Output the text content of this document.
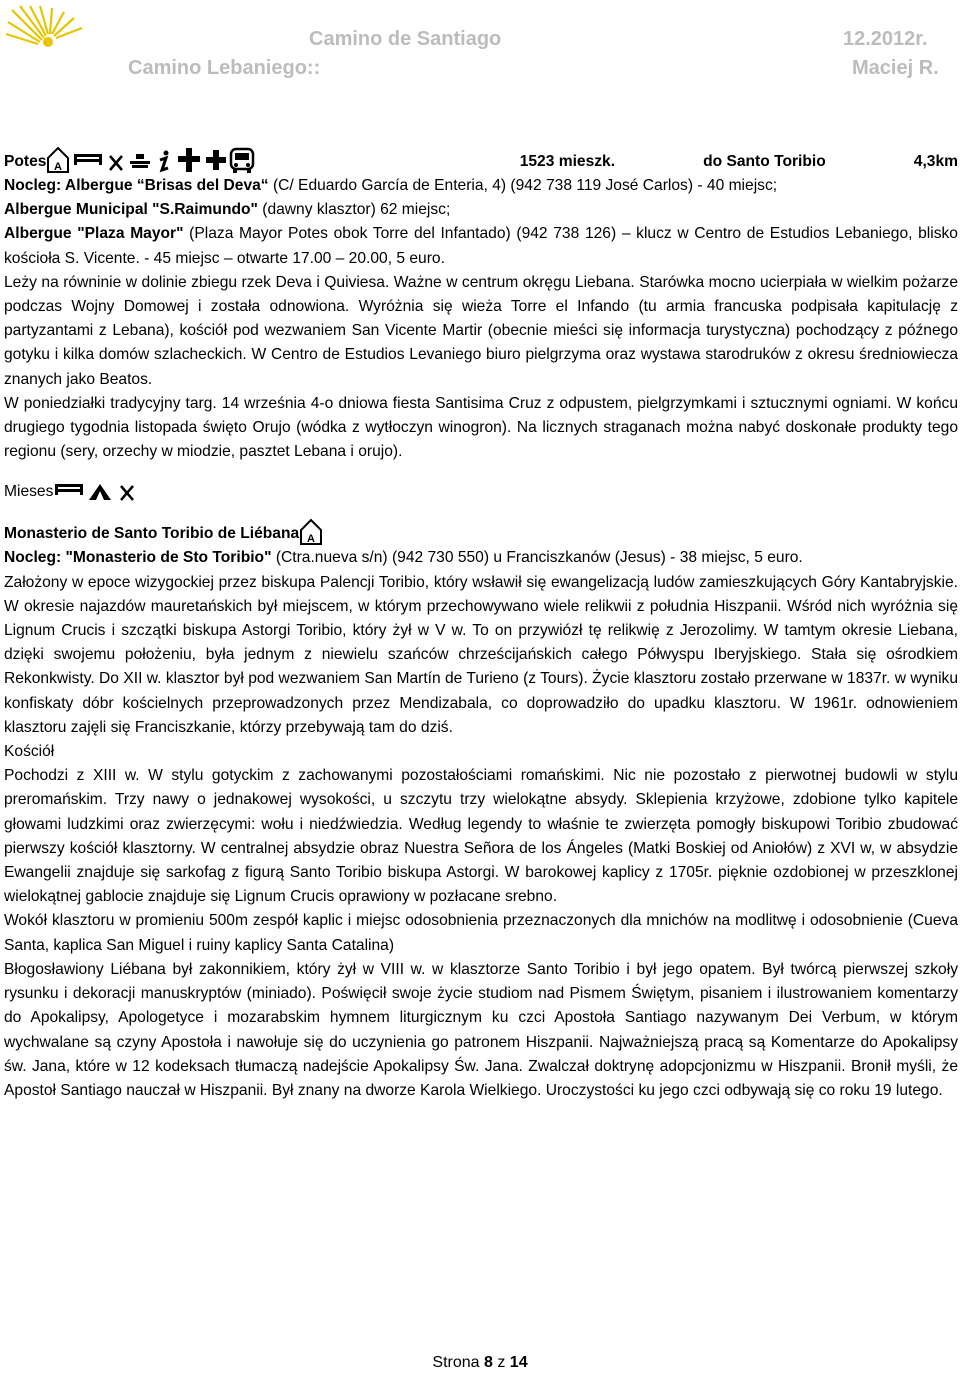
Camino de Santiago	12.2012r.
Camino Lebaniego::	Maciej R.
Potes A	1523 mieszk.	do Santo Toribio	4,3km

Nocleg: Albergue “Brisas del Deva“ (C/ Eduardo García de Enteria, 4) (942 738 119 José Carlos) - 40 miejsc;

Albergue Municipal "S.Raimundo" (dawny klasztor) 62 miejsc;

Albergue "Plaza Mayor" (Plaza Mayor Potes obok Torre del Infantado) (942 738 126) – klucz w Centro de Estudios Lebaniego, blisko kościoła S. Vicente. - 45 miejsc – otwarte 17.00 – 20.00, 5 euro.

Leży na równinie w dolinie zbiegu rzek Deva i Quiviesa. Ważne w centrum okręgu Liebana. Starówka mocno ucierpiała w wielkim pożarze podczas Wojny Domowej i została odnowiona. Wyróżnia się wieża Torre el Infando (tu armia francuska podpisała kapitulację z partyzantami z Lebana), kościół pod wezwaniem San Vicente Martir (obecnie mieści się informacja turystyczna) pochodzący z późnego gotyku i kilka domów szlacheckich. W Centro de Estudios Levaniego biuro pielgrzyma oraz wystawa starodruków z okresu średniowiecza znanych jako Beatos.

W poniedziałki tradycyjny targ. 14 września 4-o dniowa fiesta Santisima Cruz z odpustem, pielgrzymkami i sztucznymi ogniami. W końcu drugiego tygodnia listopada święto Orujo (wódka z wytłoczyn winogron). Na licznych straganach można nabyć doskonałe produkty tego regionu (sery, orzechy w miodzie, pasztet Lebana i orujo).

Mieses
Monasterio de Santo Toribio de Liébana A

Nocleg: "Monasterio de Sto Toribio" (Ctra.nueva s/n) (942 730 550) u Franciszkanów (Jesus) - 38 miejsc, 5 euro.

Założony w epoce wizygockiej przez biskupa Palencji Toribio, który wsławił się ewangelizacją ludów zamieszkujących Góry Kantabryjskie. W okresie najazdów mauretańskich był miejscem, w którym przechowywano wiele relikwii z południa Hiszpanii. Wśród nich wyróżnia się Lignum Crucis i szczątki biskupa Astorgi Toribio, który żył w V w. To on przywiózł tę relikwię z Jerozolimy. W tamtym okresie Liebana, dzięki swojemu położeniu, była jednym z niewielu szańców chrześcijańskich całego Półwyspu Iberyjskiego. Stała się ośrodkiem Rekonkwisty. Do XII w. klasztor był pod wezwaniem San Martín de Turieno (z Tours). Życie klasztoru zostało przerwane w 1837r. w wyniku konfiskaty dóbr kościelnych przeprowadzonych przez Mendizabala, co doprowadziło do upadku klasztoru. W 1961r. odnowieniem klasztoru zajęli się Franciszkanie, którzy przebywają tam do dziś.

Kościół

Pochodzi z XIII w. W stylu gotyckim z zachowanymi pozostałościami romańskimi. Nic nie pozostało z pierwotnej budowli w stylu preromańskim. Trzy nawy o jednakowej wysokości, u szczytu trzy wielokątne absydy. Sklepienia krzyżowe, zdobione tylko kapitele głowami ludzkimi oraz zwierzęcymi: wołu i niedźwiedzia. Według legendy to właśnie te zwierzęta pomogły biskupowi Toribio zbudować pierwszy kościół klasztorny. W centralnej absydzie obraz Nuestra Señora de los Ángeles (Matki Boskiej od Aniołów) z XVI w, w absydzie Ewangelii znajduje się sarkofag z figurą Santo Toribio biskupa Astorgi. W barokowej kaplicy z 1705r. pięknie ozdobionej w przeszklonej wielokątnej gablocie znajduje się Lignum Crucis oprawiony w pozłacane srebno.

Wokół klasztoru w promieniu 500m zespół kaplic i miejsc odosobnienia przeznaczonych dla mnichów na modlitwę i odosobnienie (Cueva Santa, kaplica San Miguel i ruiny kaplicy Santa Catalina)

Błogosławiony Liébana był zakonnikiem, który żył w VIII w. w klasztorze Santo Toribio i był jego opatem. Był twórcą pierwszej szkoły rysunku i dekoracji manuskryptów (miniado). Poświęcił swoje życie studiom nad Pismem Świętym, pisaniem i ilustrowaniem komentarzy do Apokalipsy, Apologetyce i mozarabskim hymnem liturgicznym ku czci Apostoła Santiago nazywanym Dei Verbum, w którym wychwalane są czyny Apostoła i nawołuje się do uczynienia go patronem Hiszpanii. Najważniejszą pracą są Komentarze do Apokalipsy św. Jana, które w 12 kodeksach tłumaczą nadejście Apokalipsy Św. Jana. Zwalczał doktrynę adopcjonizmu w Hiszpanii. Bronił myśli, że Apostoł Santiago nauczał w Hiszpanii. Był znany na dworze Karola Wielkiego. Uroczystości ku jego czci odbywają się co roku 19 lutego.

Strona 8 z 14
